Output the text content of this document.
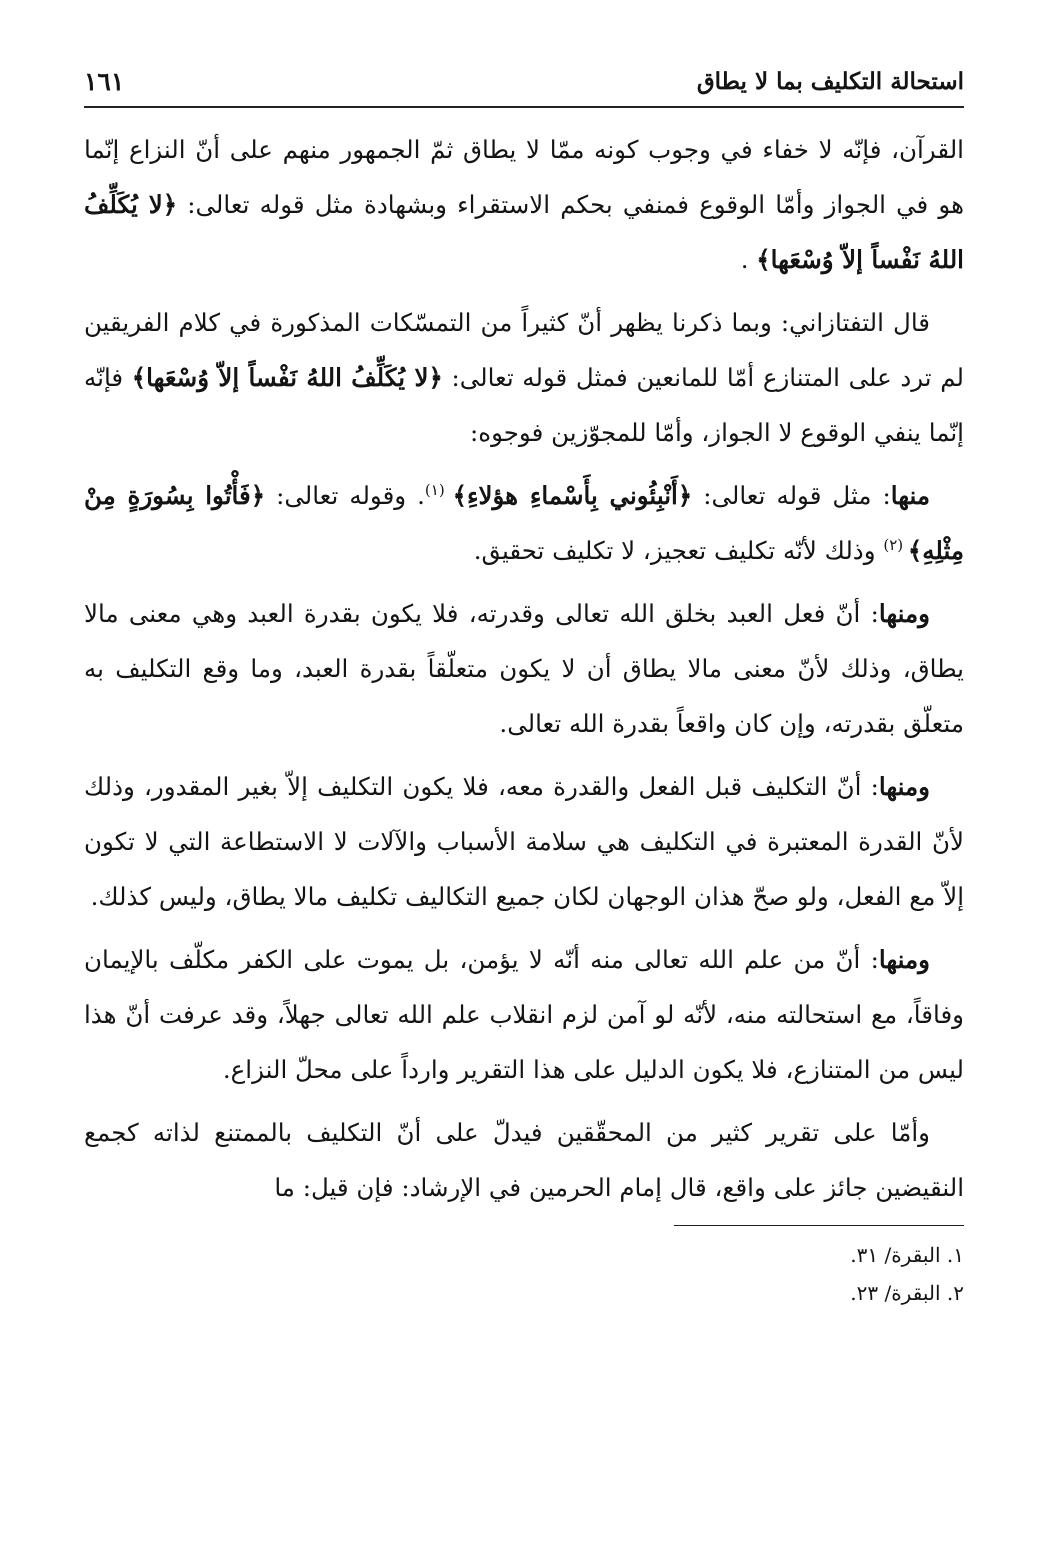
استحالة التكليف بما لا يطاق
١٦١

القرآن، فإنّه لا خفاء في وجوب كونه ممّا لا يطاق ثمّ الجمهور منهم على أنّ النزاع إنّما هو في الجواز وأمّا الوقوع فمنفي بحكم الاستقراء وبشهادة مثل قوله تعالى: ﴿لا يُكَلِّفُ اللهُ نَفْساً إلاّ وُسْعَها﴾ .

قال التفتازاني: وبما ذكرنا يظهر أنّ كثيراً من التمسّكات المذكورة في كلام الفريقين لم ترد على المتنازع أمّا للمانعين فمثل قوله تعالى: ﴿لا يُكَلِّفُ اللهُ نَفْساً إلاّ وُسْعَها﴾ فإنّه إنّما ينفي الوقوع لا الجواز، وأمّا للمجوّزين فوجوه:

منها: مثل قوله تعالى: ﴿أَنْبِئُوني بِأَسْماءِ هؤلاءِ﴾ $^{(١)}$. وقوله تعالى: ﴿فَأْتُوا بِسُورَةٍ مِنْ مِثْلِهِ﴾ $^{(٢)}$ وذلك لأنّه تكليف تعجيز، لا تكليف تحقيق.

ومنها: أنّ فعل العبد بخلق الله تعالى وقدرته، فلا يكون بقدرة العبد وهي معنى مالا يطاق، وذلك لأنّ معنى مالا يطاق أن لا يكون متعلّقاً بقدرة العبد، وما وقع التكليف به متعلّق بقدرته، وإن كان واقعاً بقدرة الله تعالى.

ومنها: أنّ التكليف قبل الفعل والقدرة معه، فلا يكون التكليف إلاّ بغير المقدور، وذلك لأنّ القدرة المعتبرة في التكليف هي سلامة الأسباب والآلات لا الاستطاعة التي لا تكون إلاّ مع الفعل، ولو صحّ هذان الوجهان لكان جميع التكاليف تكليف مالا يطاق، وليس كذلك.

ومنها: أنّ من علم الله تعالى منه أنّه لا يؤمن، بل يموت على الكفر مكلّف بالإيمان وفاقاً، مع استحالته منه، لأنّه لو آمن لزم انقلاب علم الله تعالى جهلاً، وقد عرفت أنّ هذا ليس من المتنازع، فلا يكون الدليل على هذا التقرير وارداً على محلّ النزاع.

وأمّا على تقرير كثير من المحقّقين فيدلّ على أنّ التكليف بالممتنع لذاته كجمع النقيضين جائز على واقع، قال إمام الحرمين في الإرشاد: فإن قيل: ما

١. البقرة/ ٣١.

٢. البقرة/ ٢٣.
